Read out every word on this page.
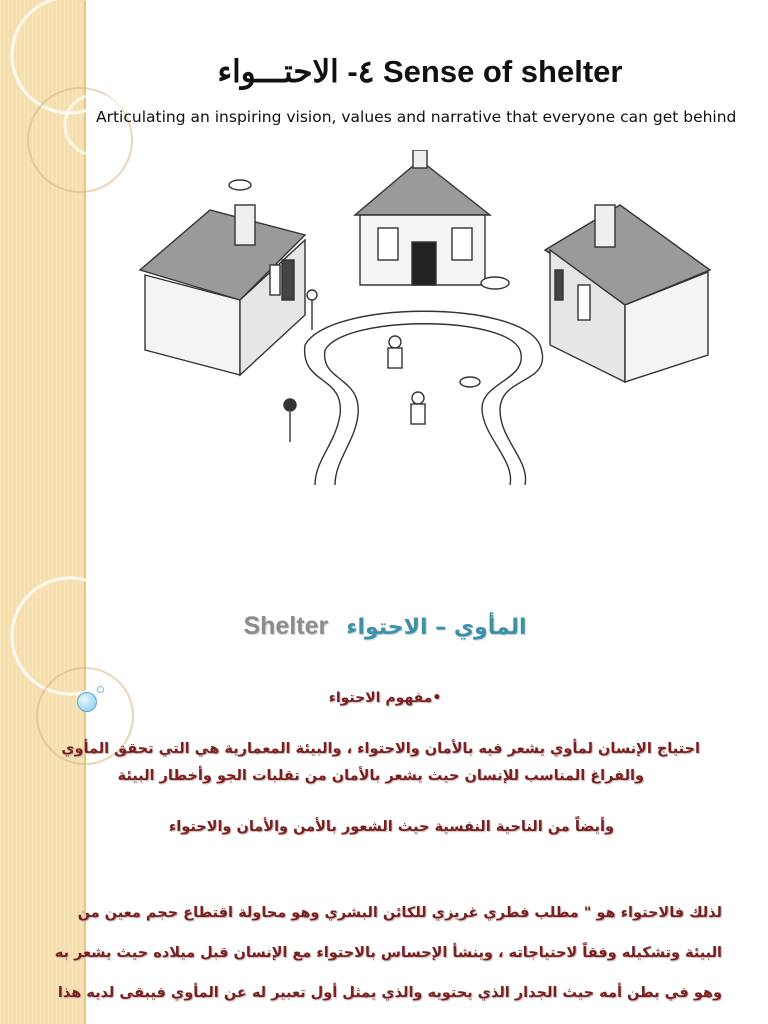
٤- الاحتـــواء Sense of shelter
Articulating an inspiring vision, values and narrative that everyone can get behind
Shelter المأوي – الاحتواء
•مفهوم الاحتواء
احتياج الإنسان لمأوي يشعر فيه بالأمان والاحتواء ، والبيئة المعمارية هي التي تحقق المأوي
والفراغ المناسب للإنسان حيث يشعر بالأمان من تقلبات الجو وأخطار البيئة
وأيضاً من الناحية النفسية حيث الشعور بالأمن والأمان والاحتواء
لذلك فالاحتواء هو " مطلب فطري غريزي للكائن البشري وهو محاولة اقتطاع حجم معين من
البيئة وتشكيله وفقاً لاحتياجاته ، وينشأ الإحساس بالاحتواء مع الإنسان قبل ميلاده حيث يشعر به
وهو في بطن أمه حيث الجدار الذي يحتويه والذي يمثل أول تعبير له عن المأوي فيبقى لديه هذا
